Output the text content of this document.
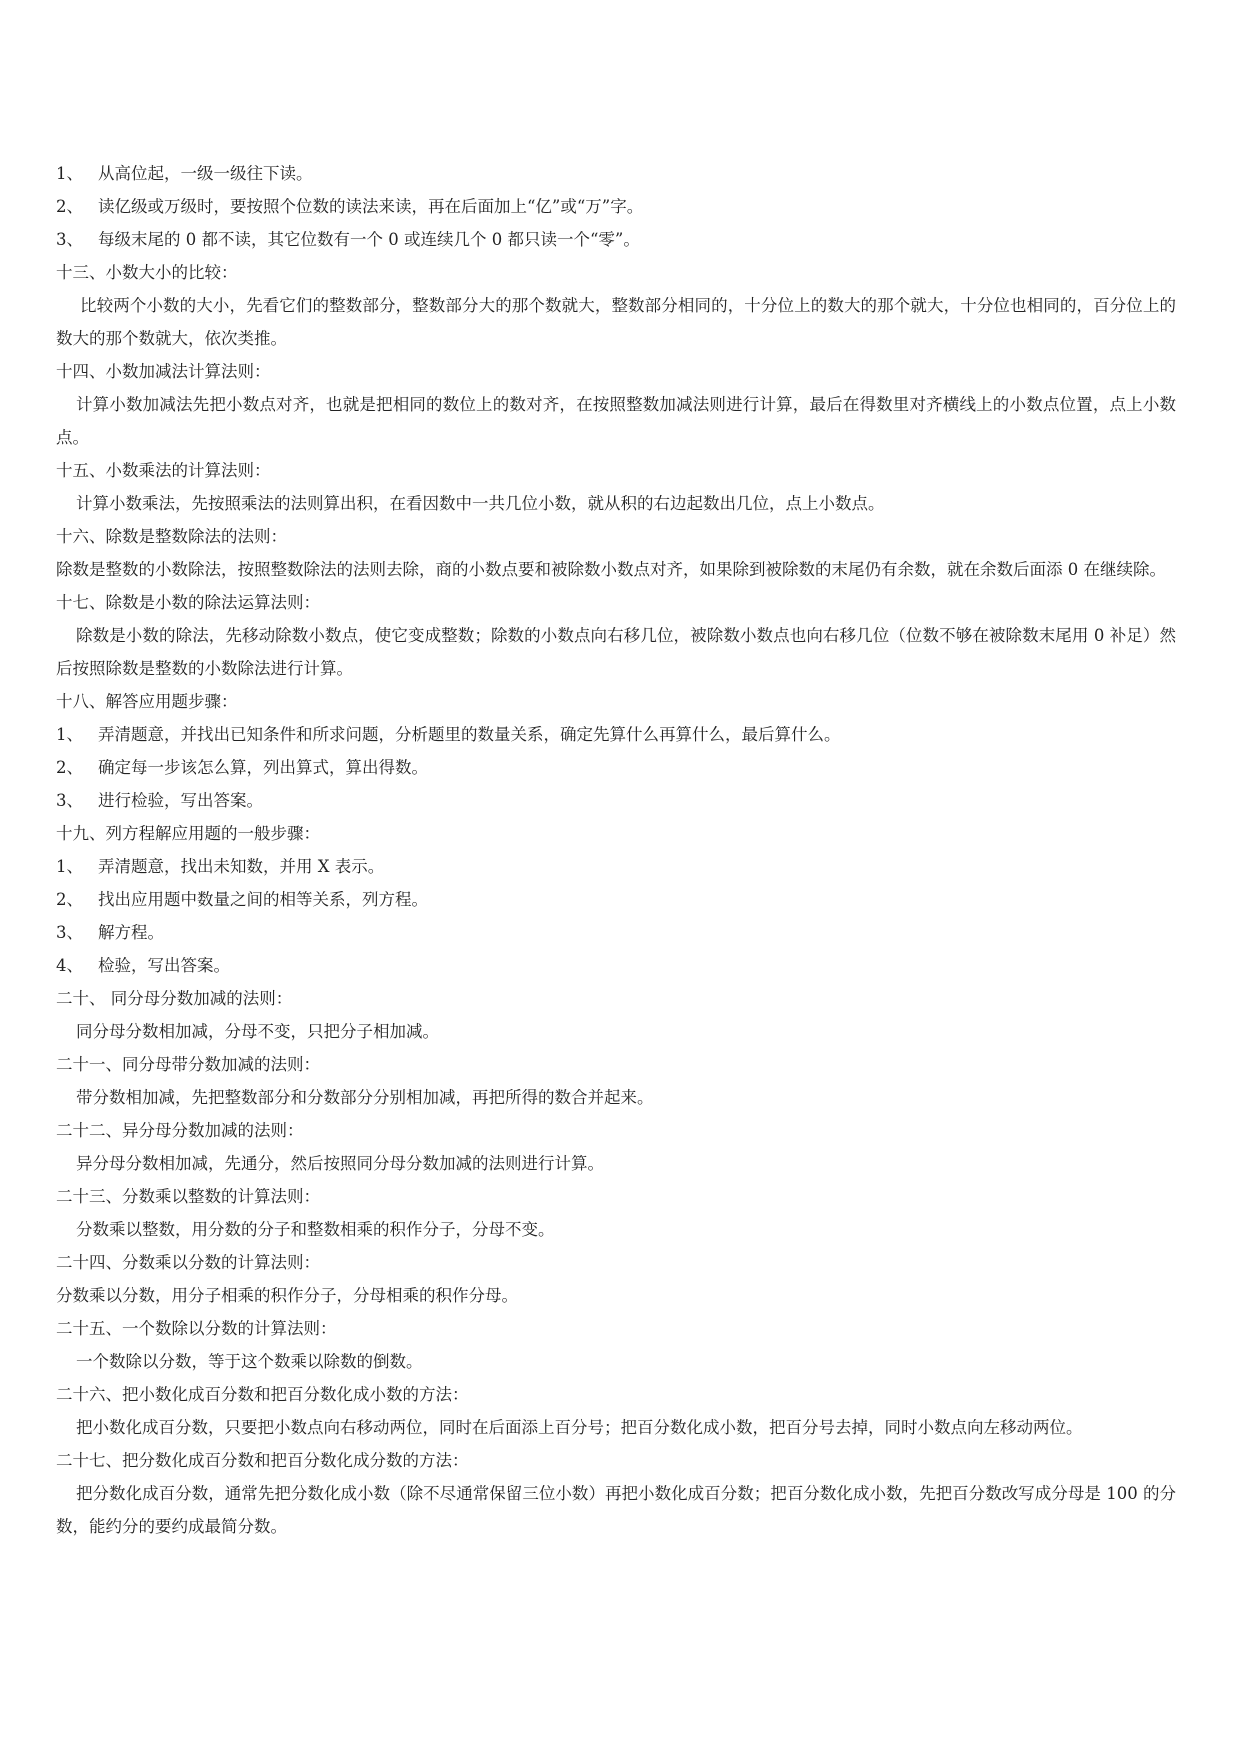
1、 从高位起，一级一级往下读。
2、 读亿级或万级时，要按照个位数的读法来读，再在后面加上“亿”或“万”字。
3、 每级末尾的 0 都不读，其它位数有一个 0 或连续几个 0 都只读一个“零”。
十三、小数大小的比较：
比较两个小数的大小，先看它们的整数部分，整数部分大的那个数就大，整数部分相同的，十分位上的数大的那个就大，十分位也相同的，百分位上的数大的那个数就大，依次类推。
十四、小数加减法计算法则：
计算小数加减法先把小数点对齐，也就是把相同的数位上的数对齐，在按照整数加减法则进行计算，最后在得数里对齐横线上的小数点位置，点上小数点。
十五、小数乘法的计算法则：
计算小数乘法，先按照乘法的法则算出积，在看因数中一共几位小数，就从积的右边起数出几位，点上小数点。
十六、除数是整数除法的法则：
除数是整数的小数除法，按照整数除法的法则去除，商的小数点要和被除数小数点对齐，如果除到被除数的末尾仍有余数，就在余数后面添 0 在继续除。
十七、除数是小数的除法运算法则：
除数是小数的除法，先移动除数小数点，使它变成整数；除数的小数点向右移几位，被除数小数点也向右移几位（位数不够在被除数末尾用 0 补足）然后按照除数是整数的小数除法进行计算。
十八、解答应用题步骤：
1、 弄清题意，并找出已知条件和所求问题，分析题里的数量关系，确定先算什么再算什么，最后算什么。
2、 确定每一步该怎么算，列出算式，算出得数。
3、 进行检验，写出答案。
十九、列方程解应用题的一般步骤：
1、 弄清题意，找出未知数，并用 X 表示。
2、 找出应用题中数量之间的相等关系，列方程。
3、 解方程。
4、 检验，写出答案。
二十、 同分母分数加减的法则：
同分母分数相加减，分母不变，只把分子相加减。
二十一、同分母带分数加减的法则：
带分数相加减，先把整数部分和分数部分分别相加减，再把所得的数合并起来。
二十二、异分母分数加减的法则：
异分母分数相加减，先通分，然后按照同分母分数加减的法则进行计算。
二十三、分数乘以整数的计算法则：
分数乘以整数，用分数的分子和整数相乘的积作分子，分母不变。
二十四、分数乘以分数的计算法则：
分数乘以分数，用分子相乘的积作分子，分母相乘的积作分母。
二十五、一个数除以分数的计算法则：
一个数除以分数，等于这个数乘以除数的倒数。
二十六、把小数化成百分数和把百分数化成小数的方法：
把小数化成百分数，只要把小数点向右移动两位，同时在后面添上百分号；把百分数化成小数，把百分号去掉，同时小数点向左移动两位。
二十七、把分数化成百分数和把百分数化成分数的方法：
把分数化成百分数，通常先把分数化成小数（除不尽通常保留三位小数）再把小数化成百分数；把百分数化成小数，先把百分数改写成分母是 100 的分数，能约分的要约成最简分数。
